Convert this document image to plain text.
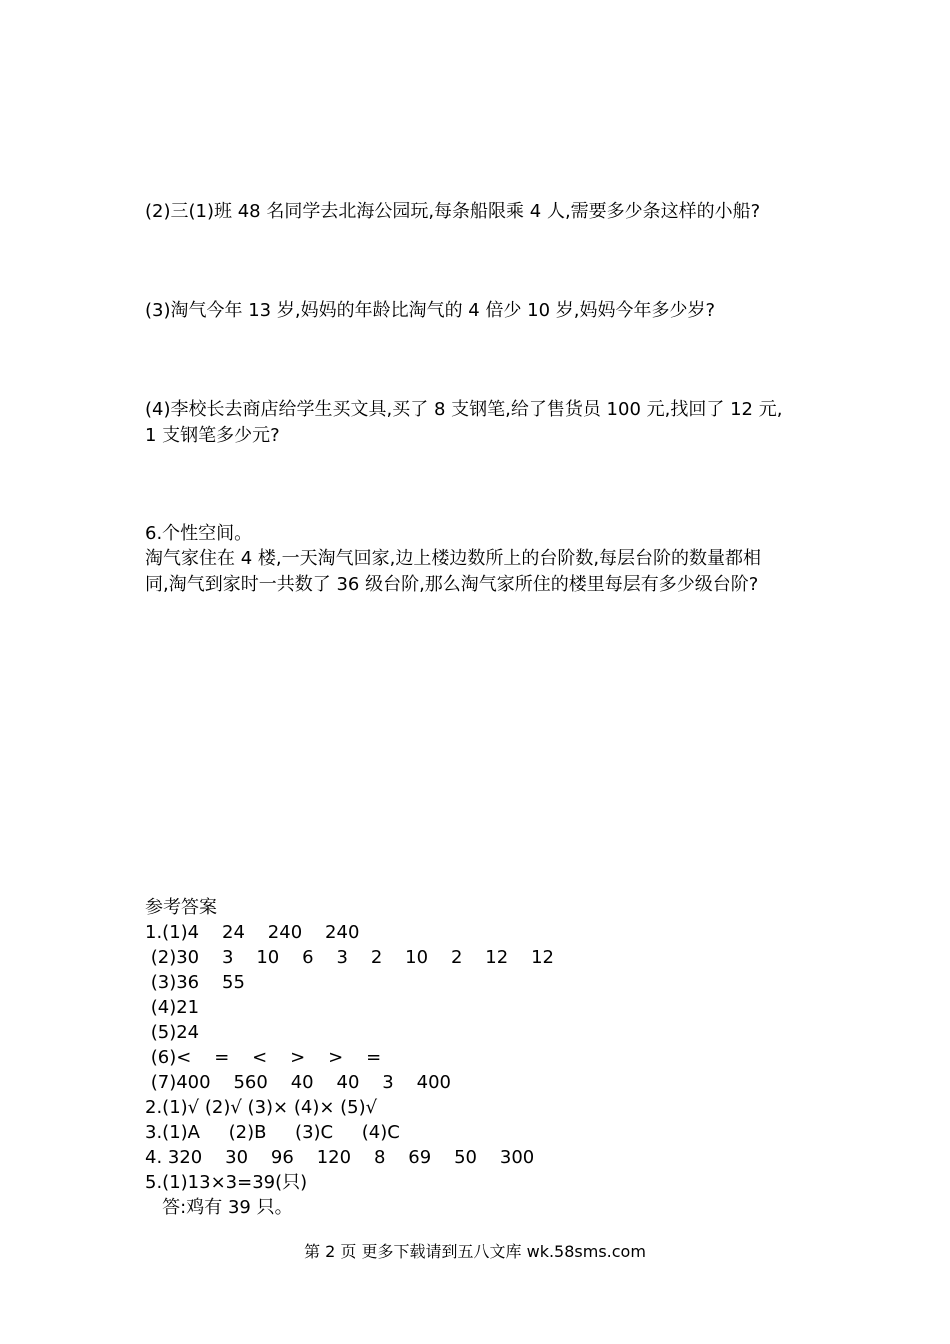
(2)三(1)班 48 名同学去北海公园玩,每条船限乘 4 人,需要多少条这样的小船?

(3)淘气今年 13 岁,妈妈的年龄比淘气的 4 倍少 10 岁,妈妈今年多少岁?

(4)李校长去商店给学生买文具,买了 8 支钢笔,给了售货员 100 元,找回了 12 元,

1 支钢笔多少元?

6.个性空间。

淘气家住在 4 楼,一天淘气回家,边上楼边数所上的台阶数,每层台阶的数量都相

同,淘气到家时一共数了 36 级台阶,那么淘气家所住的楼里每层有多少级台阶?

参考答案

1.(1)4    24    240    240

(2)30    3    10    6    3    2    10    2    12    12

(3)36    55

(4)21

(5)24

(6)<    =    <    >    >    =

(7)400    560    40    40    3    400

2.(1)√ (2)√ (3)× (4)× (5)√

3.(1)A     (2)B     (3)C     (4)C

4. 320    30    96    120    8    69    50    300

5.(1)13×3=39(只)

答:鸡有 39 只。

第 2 页 更多下载请到五八文库 wk.58sms.com
